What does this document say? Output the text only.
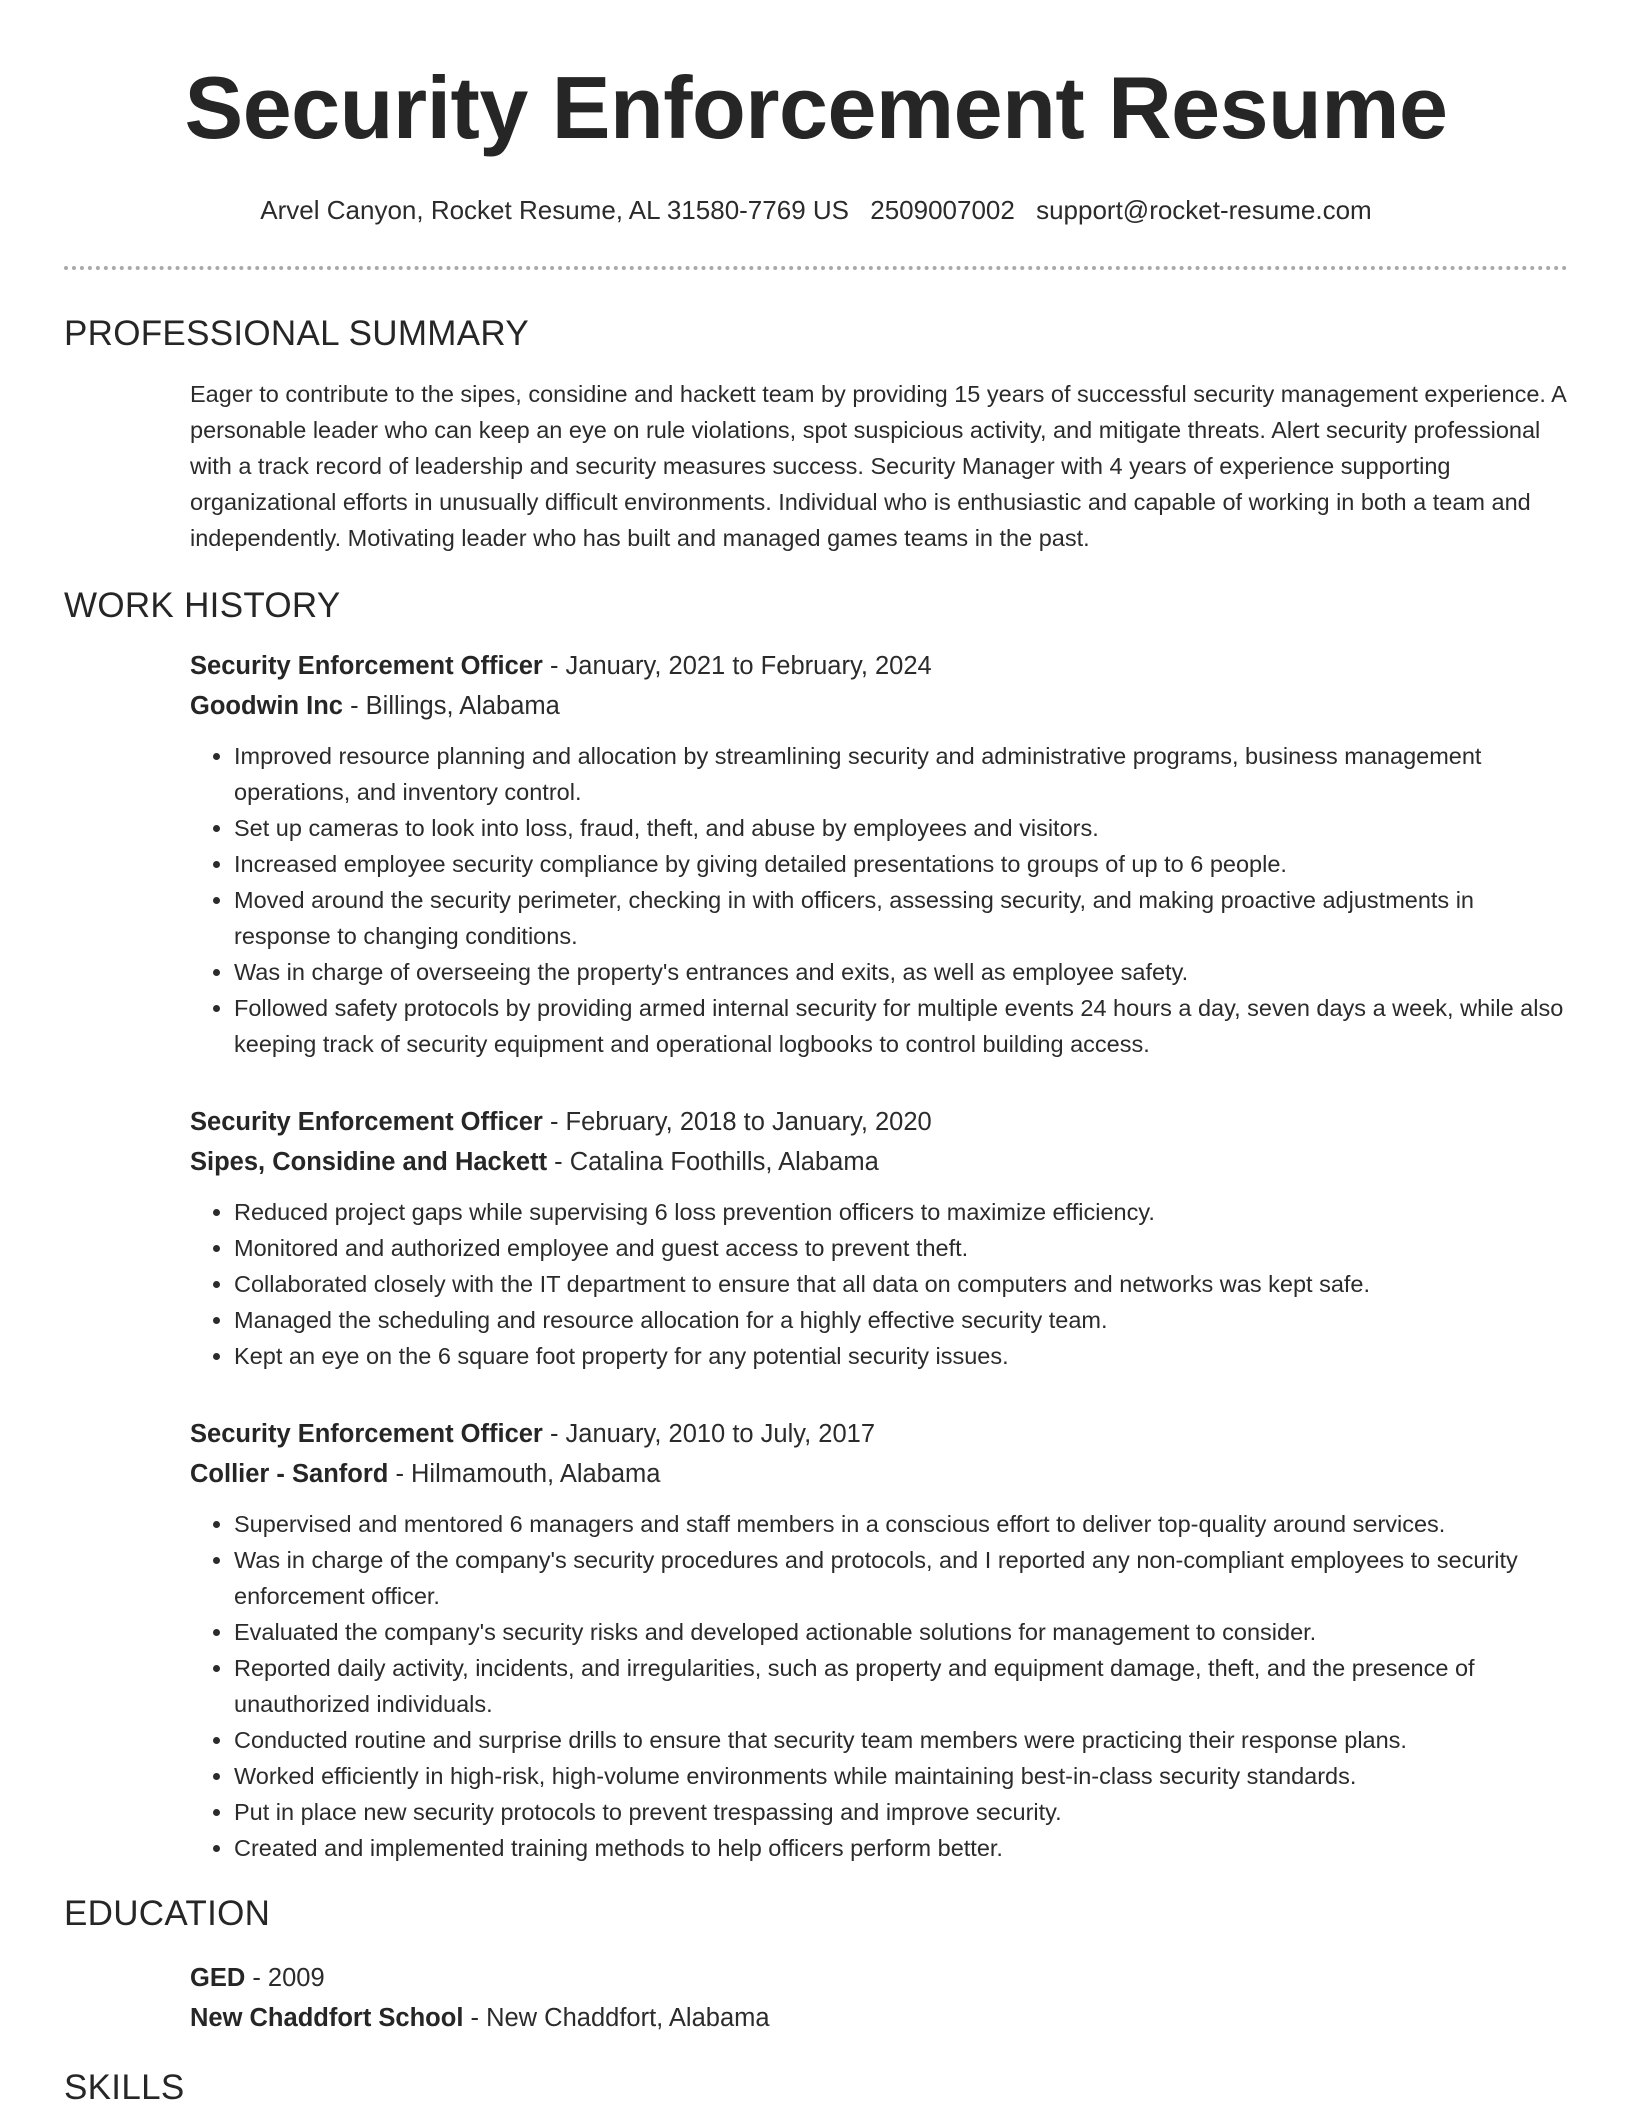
Security Enforcement Resume
Arvel Canyon, Rocket Resume, AL 31580-7769 US 2509007002 support@rocket-resume.com
PROFESSIONAL SUMMARY

Eager to contribute to the sipes, considine and hackett team by providing 15 years of successful security management experience. A personable leader who can keep an eye on rule violations, spot suspicious activity, and mitigate threats. Alert security professional with a track record of leadership and security measures success. Security Manager with 4 years of experience supporting organizational efforts in unusually difficult environments. Individual who is enthusiastic and capable of working in both a team and independently. Motivating leader who has built and managed games teams in the past.

WORK HISTORY
Security Enforcement Officer - January, 2021 to February, 2024
Goodwin Inc - Billings, Alabama
• Improved resource planning and allocation by streamlining security and administrative programs, business management operations, and inventory control.
• Set up cameras to look into loss, fraud, theft, and abuse by employees and visitors.
• Increased employee security compliance by giving detailed presentations to groups of up to 6 people.
• Moved around the security perimeter, checking in with officers, assessing security, and making proactive adjustments in response to changing conditions.
• Was in charge of overseeing the property's entrances and exits, as well as employee safety.
• Followed safety protocols by providing armed internal security for multiple events 24 hours a day, seven days a week, while also keeping track of security equipment and operational logbooks to control building access.
Security Enforcement Officer - February, 2018 to January, 2020
Sipes, Considine and Hackett - Catalina Foothills, Alabama
• Reduced project gaps while supervising 6 loss prevention officers to maximize efficiency.
• Monitored and authorized employee and guest access to prevent theft.
• Collaborated closely with the IT department to ensure that all data on computers and networks was kept safe.
• Managed the scheduling and resource allocation for a highly effective security team.
• Kept an eye on the 6 square foot property for any potential security issues.
Security Enforcement Officer - January, 2010 to July, 2017
Collier - Sanford - Hilmamouth, Alabama
• Supervised and mentored 6 managers and staff members in a conscious effort to deliver top-quality around services.
• Was in charge of the company's security procedures and protocols, and I reported any non-compliant employees to security enforcement officer.
• Evaluated the company's security risks and developed actionable solutions for management to consider.
• Reported daily activity, incidents, and irregularities, such as property and equipment damage, theft, and the presence of unauthorized individuals.
• Conducted routine and surprise drills to ensure that security team members were practicing their response plans.
• Worked efficiently in high-risk, high-volume environments while maintaining best-in-class security standards.
• Put in place new security protocols to prevent trespassing and improve security.
• Created and implemented training methods to help officers perform better.
EDUCATION
GED - 2009
New Chaddfort School - New Chaddfort, Alabama
SKILLS
